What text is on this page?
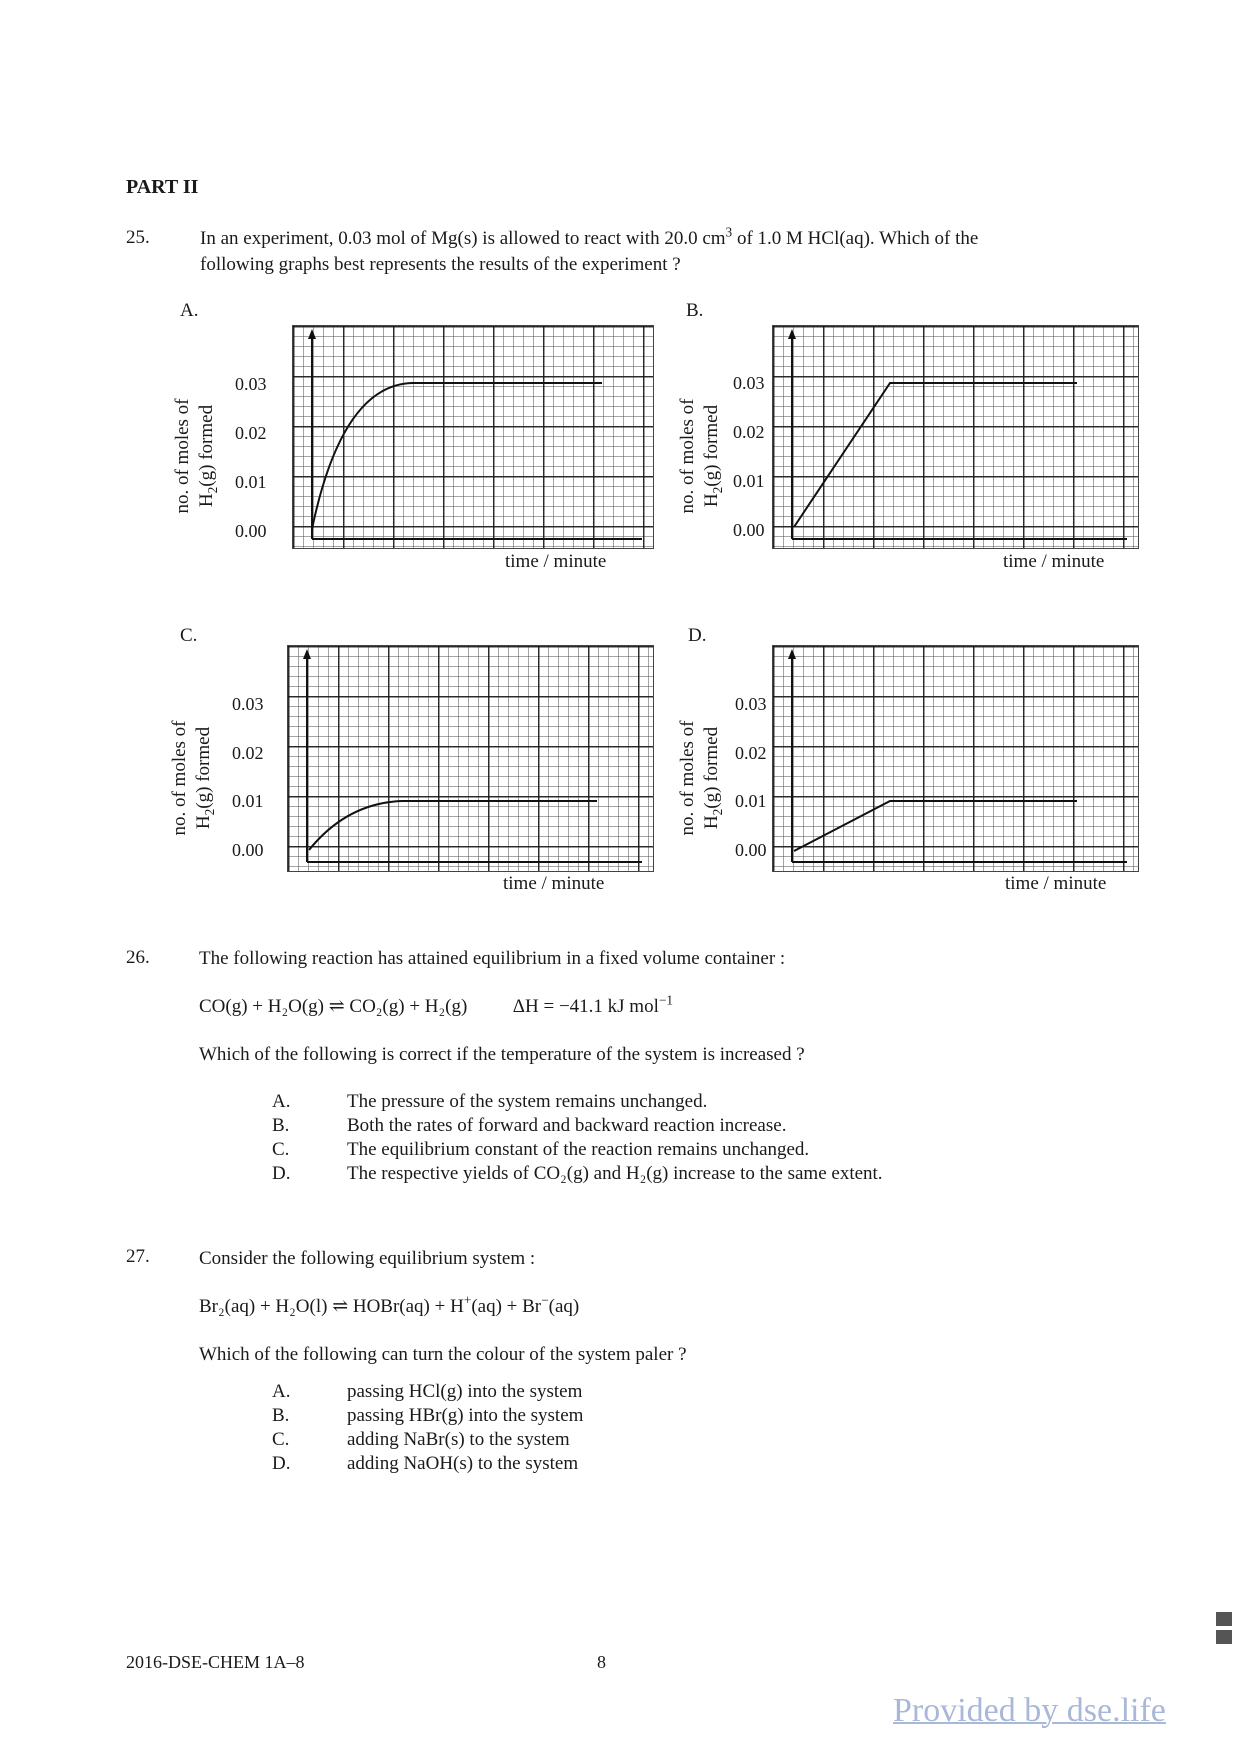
PART II
25.	In an experiment, 0.03 mol of Mg(s) is allowed to react with 20.0 $cm^3$ of 1.0 M HCl(aq). Which of the
following graphs best represents the results of the experiment ?
A.
no. of moles of $H_2(g)$ formed
0.03
0.02
0.01
0.00
time / minute
B.
no. of moles of $H_2(g)$ formed
0.03
0.02
0.01
0.00
time / minute
C.
no. of moles of $H_2(g)$ formed
0.03
0.02
0.01
0.00
time / minute
D.
no. of moles of $H_2(g)$ formed
0.03
0.02
0.01
0.00
time / minute
26.	The following reaction has attained equilibrium in a fixed volume container :
CO(g) + H₂O(g) ⇌ CO₂(g) + H₂(g) ΔH = −41.1 kJ mol$^{-1}$
Which of the following is correct if the temperature of the system is increased ?
A.	The pressure of the system remains unchanged.
B.	Both the rates of forward and backward reaction increase.
C.	The equilibrium constant of the reaction remains unchanged.
D.	The respective yields of CO₂(g) and H₂(g) increase to the same extent.
27.	Consider the following equilibrium system :
Br₂(aq) + H₂O(l) ⇌ HOBr(aq) + H+(aq) + Br−(aq)
Which of the following can turn the colour of the system paler ?
A.	passing HCl(g) into the system
B.	passing HBr(g) into the system
C.	adding NaBr(s) to the system
D.	adding NaOH(s) to the system
2016-DSE-CHEM 1A–8	8
Provided by dse.life
